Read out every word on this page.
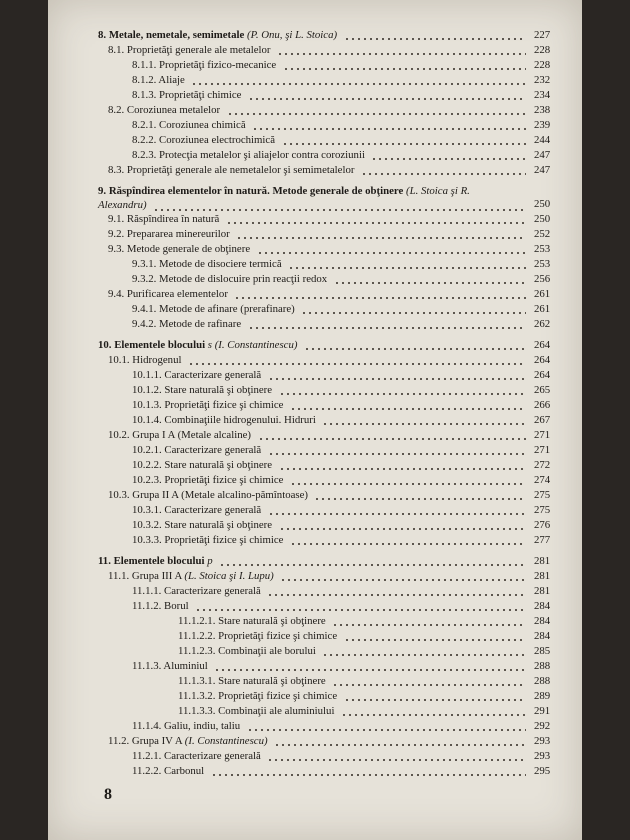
8. Metale, nemetale, semimetale (P. Onu, şi L. Stoica)	227
8.1. Proprietăţi generale ale metalelor	228
8.1.1. Proprietăţi fizico-mecanice	228
8.1.2. Aliaje	232
8.1.3. Proprietăţi chimice	234
8.2. Coroziunea metalelor	238
8.2.1. Coroziunea chimică	239
8.2.2. Coroziunea electrochimică	244
8.2.3. Protecţia metalelor şi aliajelor contra coroziunii	247
8.3. Proprietăţi generale ale nemetalelor şi semimetalelor	247
9. Răspîndirea elementelor în natură. Metode generale de obţinere (L. Stoica şi R. Alexandru)	250
9.1. Răspîndirea în natură	250
9.2. Prepararea minereurilor	252
9.3. Metode generale de obţinere	253
9.3.1. Metode de disociere termică	253
9.3.2. Metode de dislocuire prin reacţii redox	256
9.4. Purificarea elementelor	261
9.4.1. Metode de afinare (prerafinare)	261
9.4.2. Metode de rafinare	262
10. Elementele blocului s (I. Constantinescu)	264
10.1. Hidrogenul	264
10.1.1. Caracterizare generală	264
10.1.2. Stare naturală şi obţinere	265
10.1.3. Proprietăţi fizice şi chimice	266
10.1.4. Combinaţiile hidrogenului. Hidruri	267
10.2. Grupa I A (Metale alcaline)	271
10.2.1. Caracterizare generală	271
10.2.2. Stare naturală şi obţinere	272
10.2.3. Proprietăţi fizice şi chimice	274
10.3. Grupa II A (Metale alcalino-pămîntoase)	275
10.3.1. Caracterizare generală	275
10.3.2. Stare naturală şi obţinere	276
10.3.3. Proprietăţi fizice şi chimice	277
11. Elementele blocului p	281
11.1. Grupa III A (L. Stoica şi I. Lupu)	281
11.1.1. Caracterizare generală	281
11.1.2. Borul	284
11.1.2.1. Stare naturală şi obţinere	284
11.1.2.2. Proprietăţi fizice şi chimice	284
11.1.2.3. Combinaţii ale borului	285
11.1.3. Aluminiul	288
11.1.3.1. Stare naturală şi obţinere	288
11.1.3.2. Proprietăţi fizice şi chimice	289
11.1.3.3. Combinaţii ale aluminiului	291
11.1.4. Galiu, indiu, taliu	292
11.2. Grupa IV A (I. Constantinescu)	293
11.2.1. Caracterizare generală	293
11.2.2. Carbonul	295
8
